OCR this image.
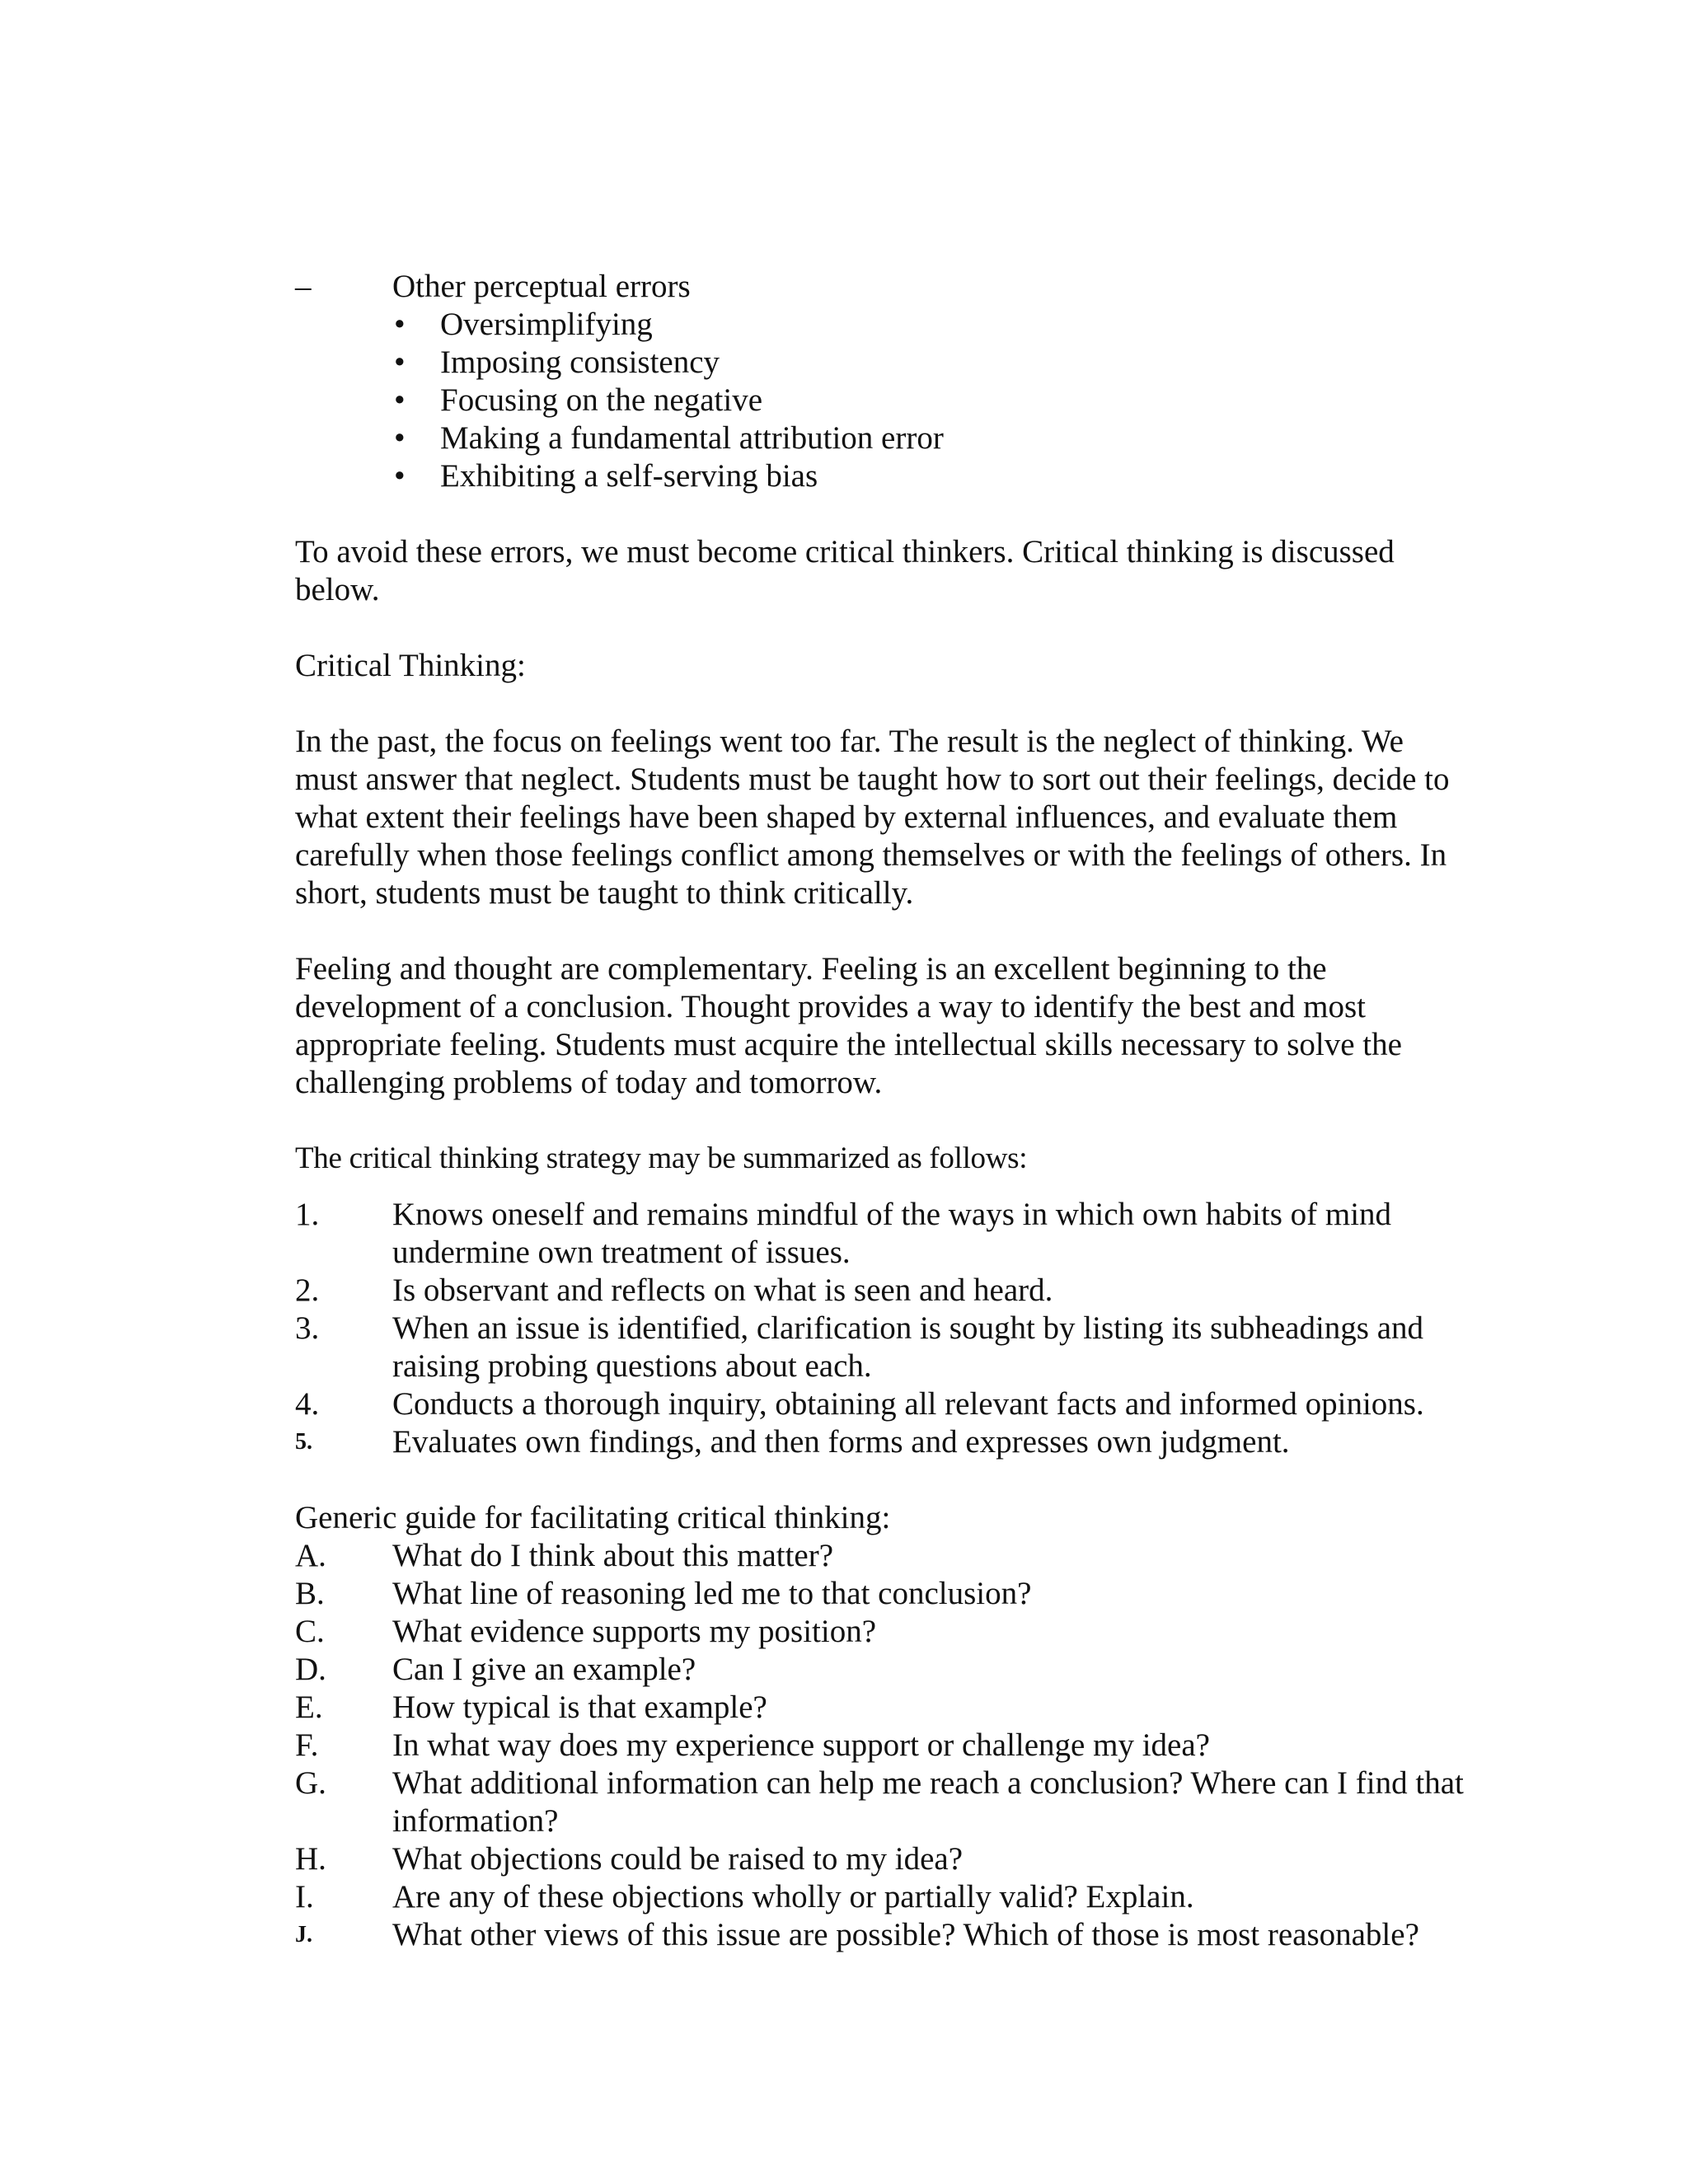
–	Other perceptual errors
•	Oversimplifying
•	Imposing consistency
•	Focusing on the negative
•	Making a fundamental attribution error
•	Exhibiting a self-serving bias

To avoid these errors, we must become critical thinkers. Critical thinking is discussed below.

Critical Thinking:

In the past, the focus on feelings went too far. The result is the neglect of thinking. We must answer that neglect. Students must be taught how to sort out their feelings, decide to what extent their feelings have been shaped by external influences, and evaluate them carefully when those feelings conflict among themselves or with the feelings of others. In short, students must be taught to think critically.

Feeling and thought are complementary. Feeling is an excellent beginning to the development of a conclusion. Thought provides a way to identify the best and most appropriate feeling. Students must acquire the intellectual skills necessary to solve the challenging problems of today and tomorrow.

The critical thinking strategy may be summarized as follows:

1.	Knows oneself and remains mindful of the ways in which own habits of mind undermine own treatment of issues.
2.	Is observant and reflects on what is seen and heard.
3.	When an issue is identified, clarification is sought by listing its subheadings and raising probing questions about each.
4.	Conducts a thorough inquiry, obtaining all relevant facts and informed opinions.
5.	Evaluates own findings, and then forms and expresses own judgment.

Generic guide for facilitating critical thinking:

A.	What do I think about this matter?
B.	What line of reasoning led me to that conclusion?
C.	What evidence supports my position?
D.	Can I give an example?
E.	How typical is that example?
F.	In what way does my experience support or challenge my idea?
G.	What additional information can help me reach a conclusion? Where can I find that information?
H.	What objections could be raised to my idea?
I.	Are any of these objections wholly or partially valid? Explain.
J.	What other views of this issue are possible? Which of those is most reasonable?
